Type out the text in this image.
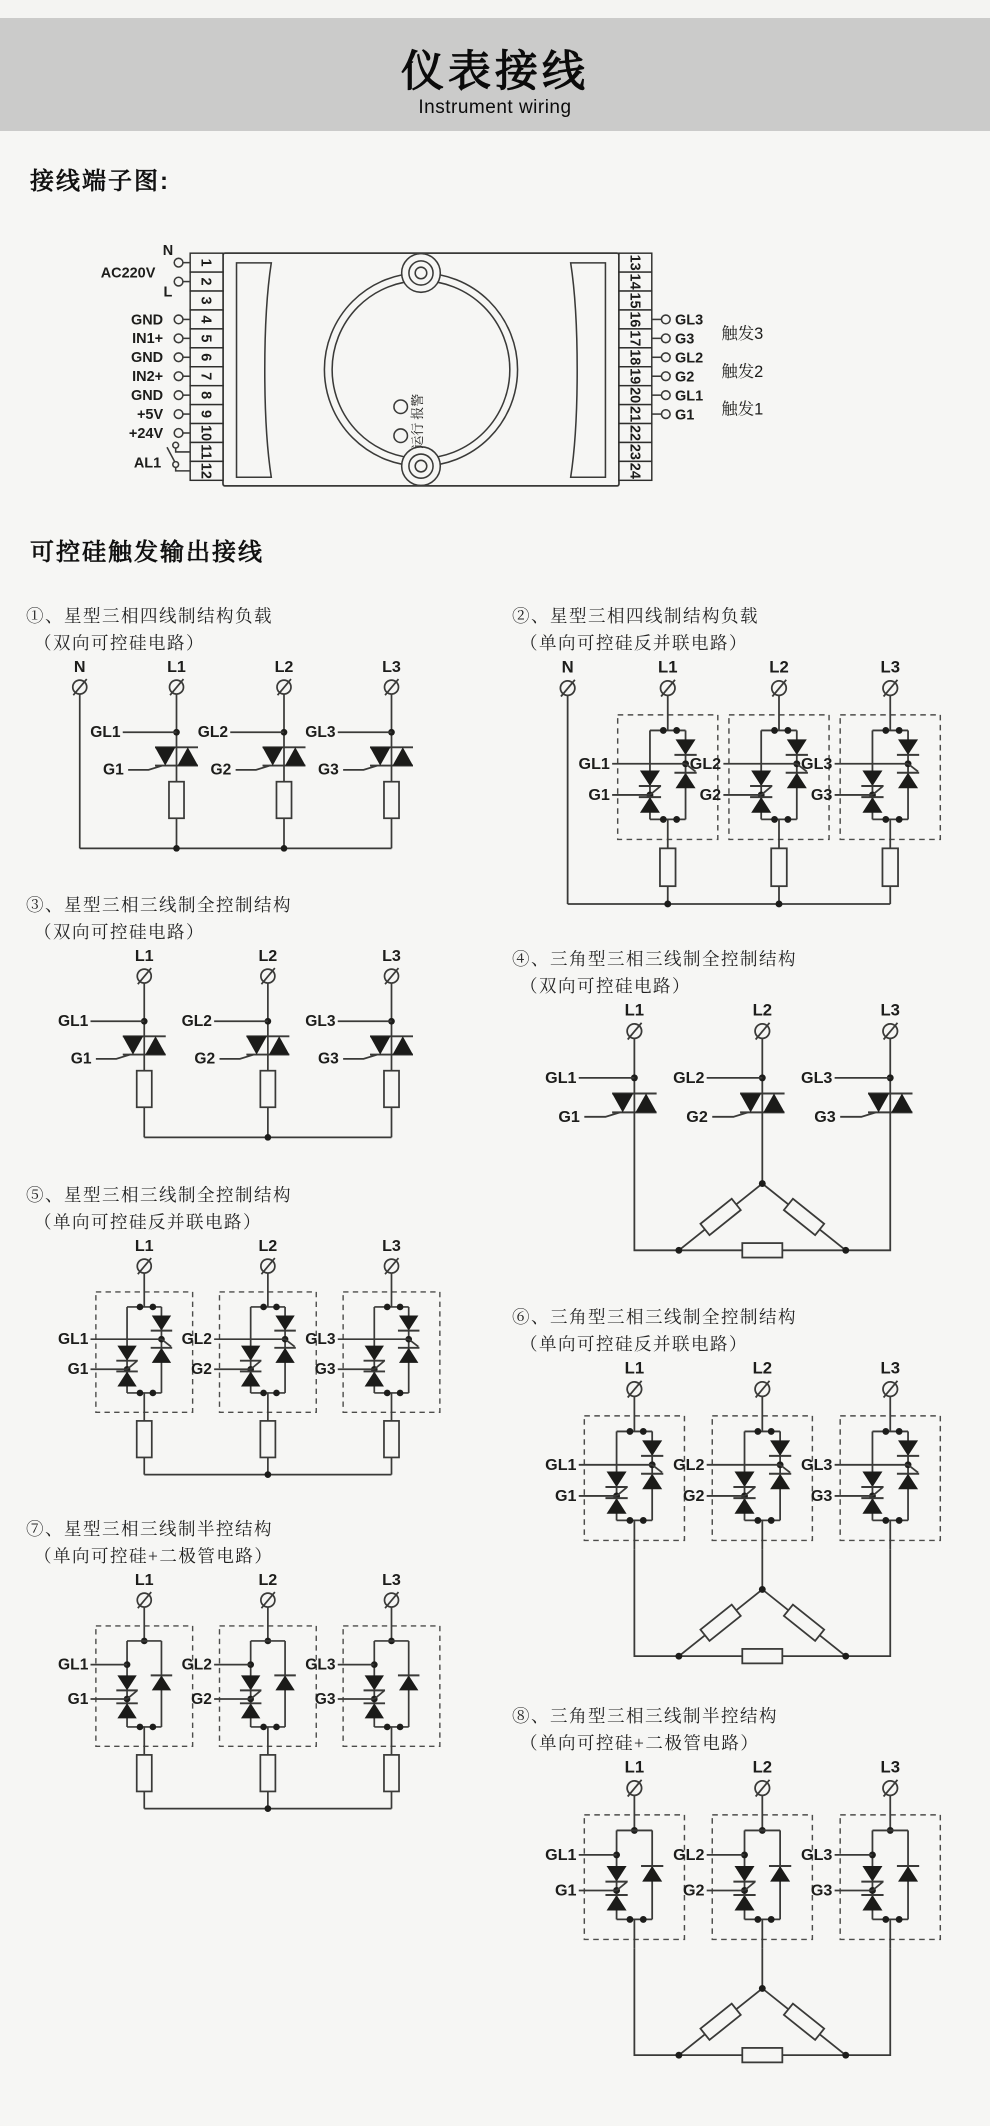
仪表接线
Instrument wiring
接线端子图:
报警
运行
1
2
3
4
5
6
7
8
9
10
11
12
N
L
AC220V
GND
IN1+
GND
IN2+
GND
+5V
+24V
AL1
13
14
15
16
17
18
19
20
21
22
23
24
GL3
G3
GL2
G2
GL1
G1
触发3
触发2
触发1
可控硅触发输出接线
①、星型三相四线制结构负载
（双向可控硅电路）
N	L1
GL1
G1
L2
GL2
G2
L3
GL3
G3
③、星型三相三线制全控制结构
（双向可控硅电路）
L1
GL1
G1
L2
GL2
G2
L3
GL3
G3
⑤、星型三相三线制全控制结构
（单向可控硅反并联电路）
L1
GL1
G1
L2
GL2
G2
L3
GL3
G3
⑦、星型三相三线制半控结构
（单向可控硅+二极管电路）
L1
GL1
G1
L2
GL2
G2
L3
GL3
G3
②、星型三相四线制结构负载
（单向可控硅反并联电路）
N	L1
GL1
G1
L2
GL2
G2
L3
GL3
G3
④、三角型三相三线制全控制结构
（双向可控硅电路）
L1
GL1
G1
L2
GL2
G2
L3
GL3
G3
⑥、三角型三相三线制全控制结构
（单向可控硅反并联电路）
L1
GL1
G1
L2
GL2
G2
L3
GL3
G3
⑧、三角型三相三线制半控结构
（单向可控硅+二极管电路）
L1
GL1
G1
L2
GL2
G2
L3
GL3
G3
